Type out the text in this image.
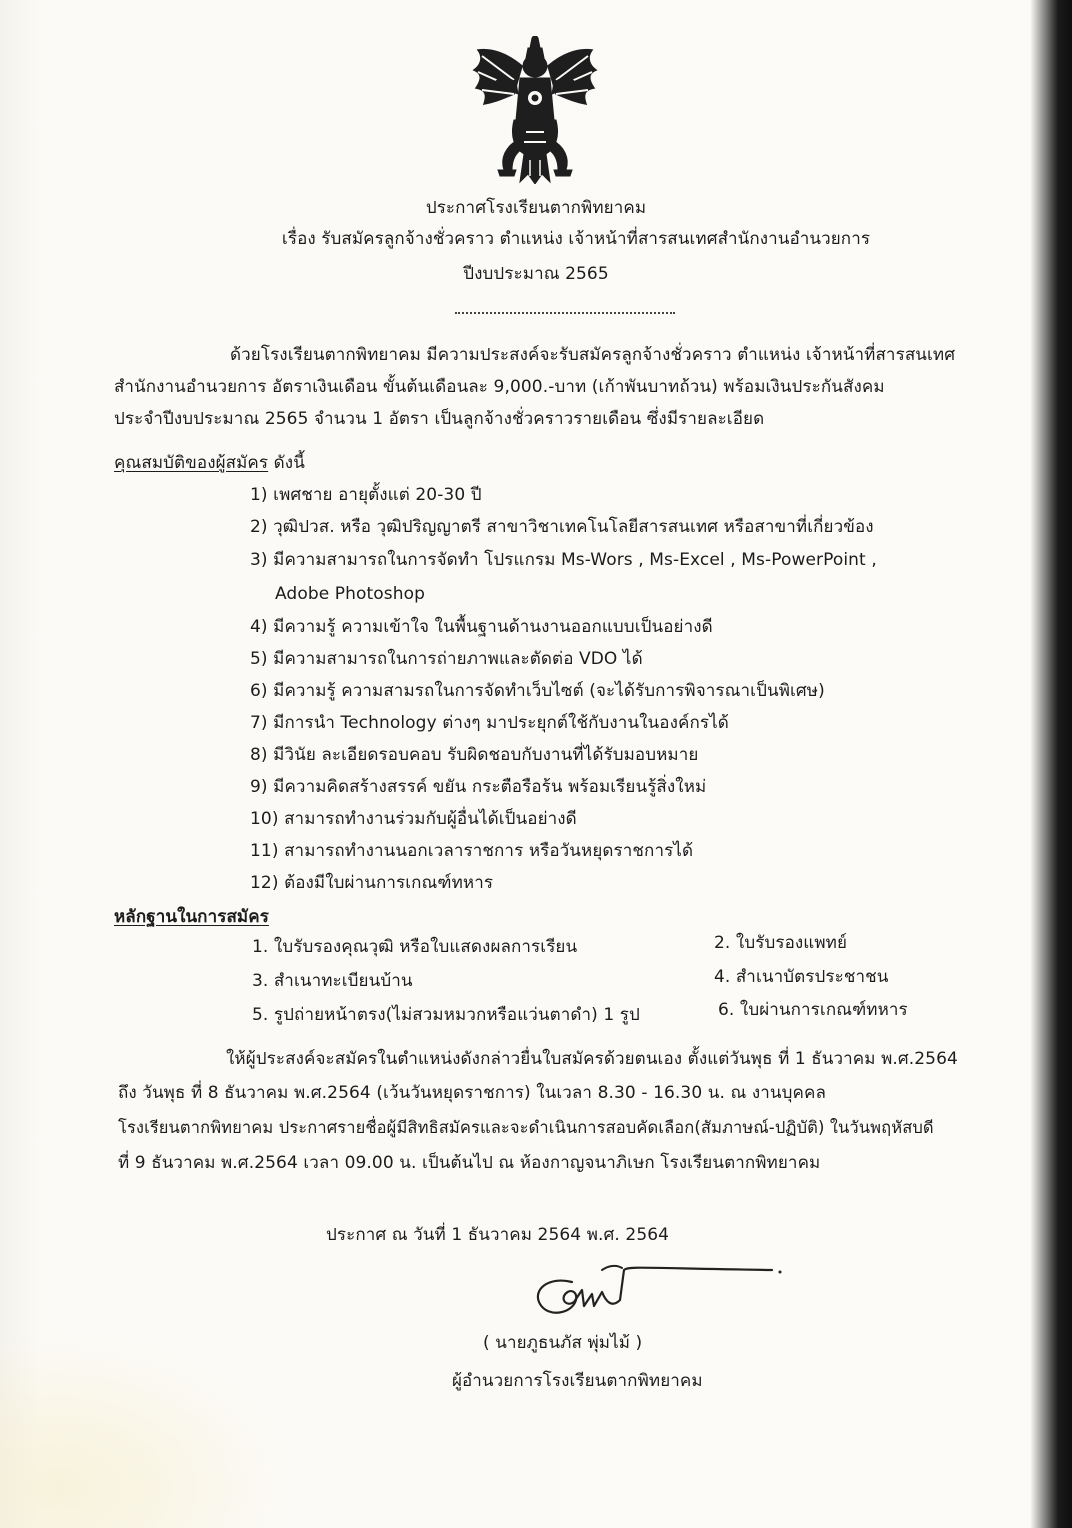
ประกาศโรงเรียนตากพิทยาคม
เรื่อง รับสมัครลูกจ้างชั่วคราว ตำแหน่ง เจ้าหน้าที่สารสนเทศสำนักงานอำนวยการ
ปีงบประมาณ 2565
ด้วยโรงเรียนตากพิทยาคม มีความประสงค์จะรับสมัครลูกจ้างชั่วคราว ตำแหน่ง เจ้าหน้าที่สารสนเทศ
สำนักงานอำนวยการ อัตราเงินเดือน ขั้นต้นเดือนละ 9,000.-บาท (เก้าพันบาทถ้วน) พร้อมเงินประกันสังคม
ประจำปีงบประมาณ 2565 จำนวน 1 อัตรา เป็นลูกจ้างชั่วคราวรายเดือน ซึ่งมีรายละเอียด
คุณสมบัติของผู้สมัคร ดังนี้
1) เพศชาย อายุตั้งแต่ 20-30 ปี
2) วุฒิปวส. หรือ วุฒิปริญญาตรี สาขาวิชาเทคโนโลยีสารสนเทศ หรือสาขาที่เกี่ยวข้อง
3) มีความสามารถในการจัดทำ โปรแกรม Ms-Wors , Ms-Excel , Ms-PowerPoint ,
Adobe Photoshop
4) มีความรู้ ความเข้าใจ ในพื้นฐานด้านงานออกแบบเป็นอย่างดี
5) มีความสามารถในการถ่ายภาพและตัดต่อ VDO ได้
6) มีความรู้ ความสามรถในการจัดทำเว็บไซต์ (จะได้รับการพิจารณาเป็นพิเศษ)
7) มีการนำ Technology ต่างๆ มาประยุกต์ใช้กับงานในองค์กรได้
8) มีวินัย ละเอียดรอบคอบ รับผิดชอบกับงานที่ได้รับมอบหมาย
9) มีความคิดสร้างสรรค์ ขยัน กระตือรือร้น พร้อมเรียนรู้สิ่งใหม่
10) สามารถทำงานร่วมกับผู้อื่นได้เป็นอย่างดี
11) สามารถทำงานนอกเวลาราชการ หรือวันหยุดราชการได้
12) ต้องมีใบผ่านการเกณฑ์ทหาร
หลักฐานในการสมัคร
1. ใบรับรองคุณวุฒิ หรือใบแสดงผลการเรียน	2. ใบรับรองแพทย์
3. สำเนาทะเบียนบ้าน	4. สำเนาบัตรประชาชน
5. รูปถ่ายหน้าตรง(ไม่สวมหมวกหรือแว่นตาดำ) 1 รูป	6. ใบผ่านการเกณฑ์ทหาร
ให้ผู้ประสงค์จะสมัครในตำแหน่งดังกล่าวยื่นใบสมัครด้วยตนเอง ตั้งแต่วันพุธ ที่ 1 ธันวาคม พ.ศ.2564
ถึง วันพุธ ที่ 8 ธันวาคม พ.ศ.2564 (เว้นวันหยุดราชการ) ในเวลา 8.30 - 16.30 น. ณ งานบุคคล
โรงเรียนตากพิทยาคม ประกาศรายชื่อผู้มีสิทธิสมัครและจะดำเนินการสอบคัดเลือก(สัมภาษณ์-ปฏิบัติ) ในวันพฤหัสบดี
ที่ 9 ธันวาคม พ.ศ.2564 เวลา 09.00 น. เป็นต้นไป ณ ห้องกาญจนาภิเษก โรงเรียนตากพิทยาคม
ประกาศ ณ วันที่ 1 ธันวาคม 2564 พ.ศ. 2564
( นายภูธนภัส พุ่มไม้ )
ผู้อำนวยการโรงเรียนตากพิทยาคม
